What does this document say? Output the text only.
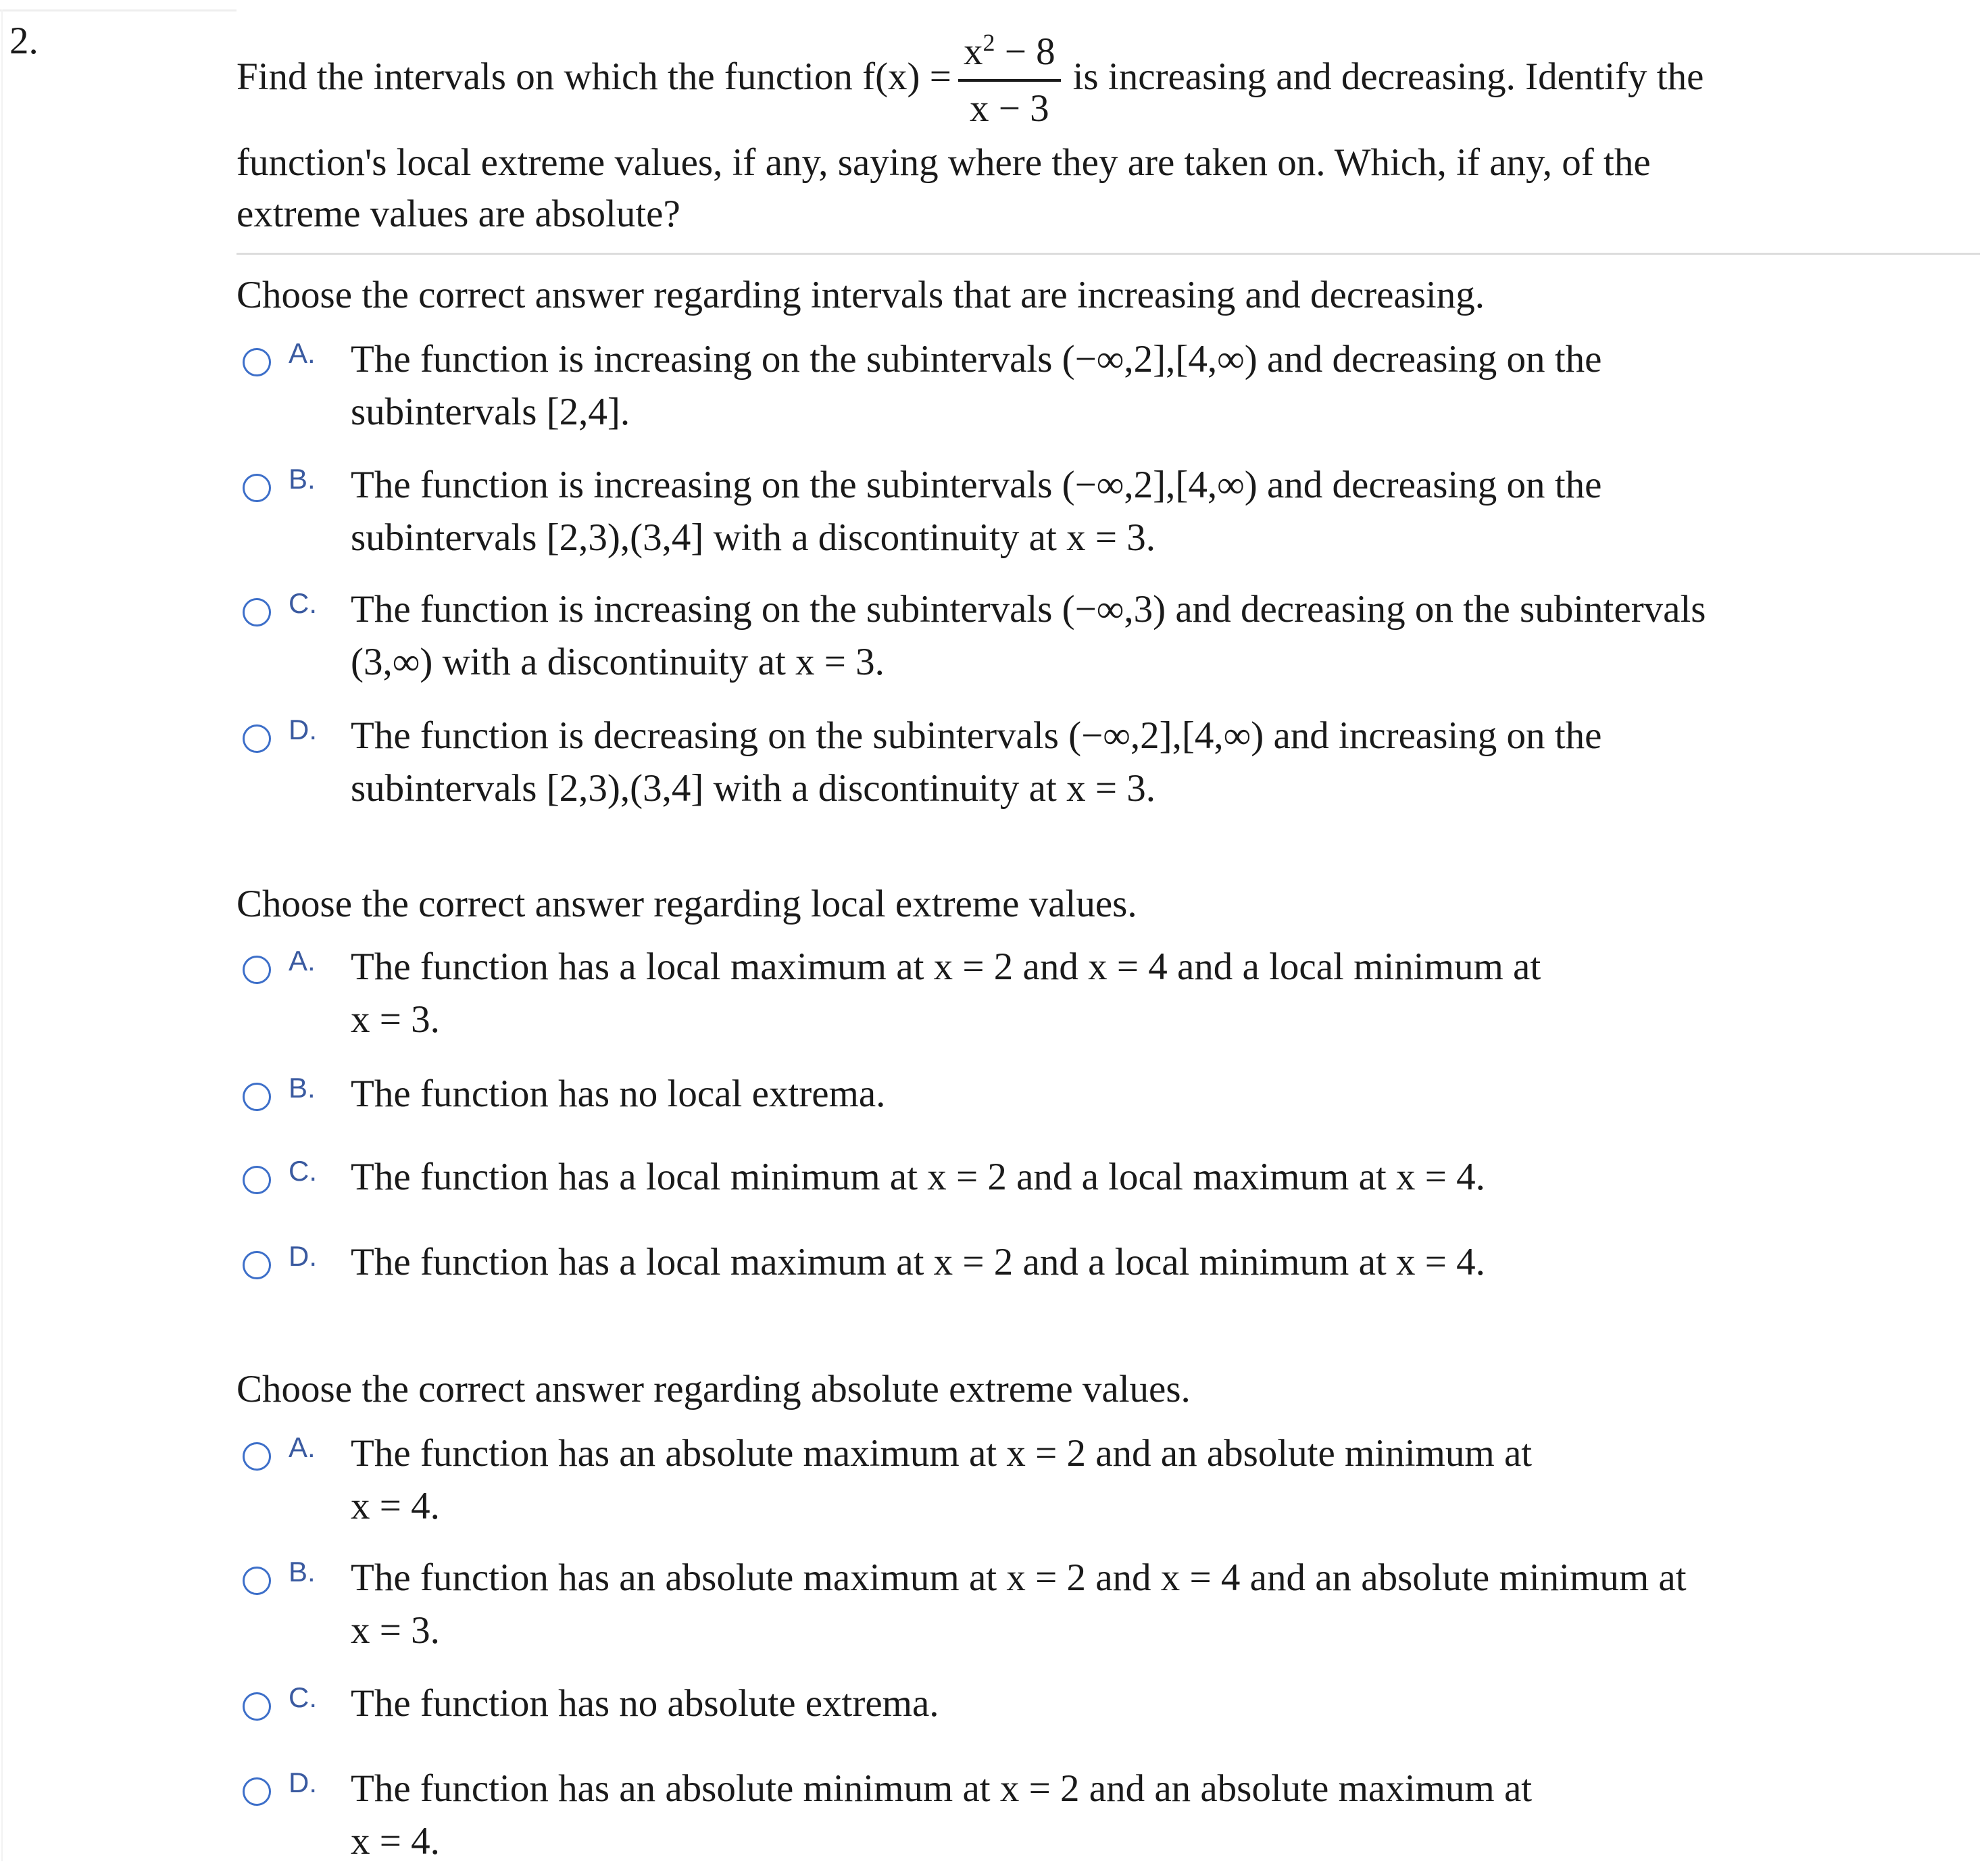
2.
Find the intervals on which the function $f(x) = \frac{x^2 - 8}{x - 3}$ is increasing and decreasing. Identify the
function's local extreme values, if any, saying where they are taken on. Which, if any, of the
extreme values are absolute?
Choose the correct answer regarding intervals that are increasing and decreasing.
A. The function is increasing on the subintervals (−∞,2],[4,∞) and decreasing on the
subintervals [2,4].
B. The function is increasing on the subintervals (−∞,2],[4,∞) and decreasing on the
subintervals [2,3),(3,4] with a discontinuity at x = 3.
C. The function is increasing on the subintervals (−∞,3) and decreasing on the subintervals
(3,∞) with a discontinuity at x = 3.
D. The function is decreasing on the subintervals (−∞,2],[4,∞) and increasing on the
subintervals [2,3),(3,4] with a discontinuity at x = 3.
Choose the correct answer regarding local extreme values.
A. The function has a local maximum at x = 2 and x = 4 and a local minimum at
x = 3.
B. The function has no local extrema.
C. The function has a local minimum at x = 2 and a local maximum at x = 4.
D. The function has a local maximum at x = 2 and a local minimum at x = 4.
Choose the correct answer regarding absolute extreme values.
A. The function has an absolute maximum at x = 2 and an absolute minimum at
x = 4.
B. The function has an absolute maximum at x = 2 and x = 4 and an absolute minimum at
x = 3.
C. The function has no absolute extrema.
D. The function has an absolute minimum at x = 2 and an absolute maximum at
x = 4.
